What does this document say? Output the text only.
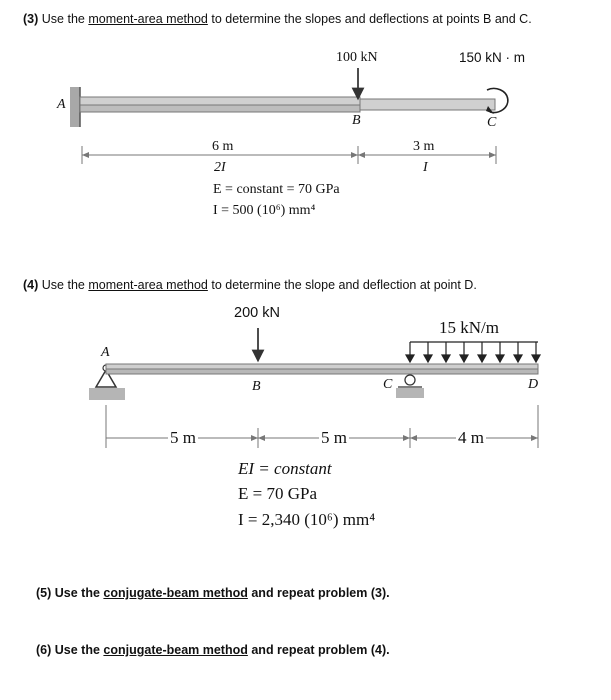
(3) Use the moment-area method to determine the slopes and deflections at points B and C.
100 kN	150 kN · m
A
B	C
6 m	3 m
2I	I
E = constant = 70 GPa
I = 500 (10⁶) mm⁴
(4) Use the moment-area method to determine the slope and deflection at point D.
200 kN
15 kN/m
A
B	C	D
5 m	5 m	4 m
EI = constant
E = 70 GPa
I = 2,340 (10⁶) mm⁴
(5) Use the conjugate-beam method and repeat problem (3).
(6) Use the conjugate-beam method and repeat problem (4).
